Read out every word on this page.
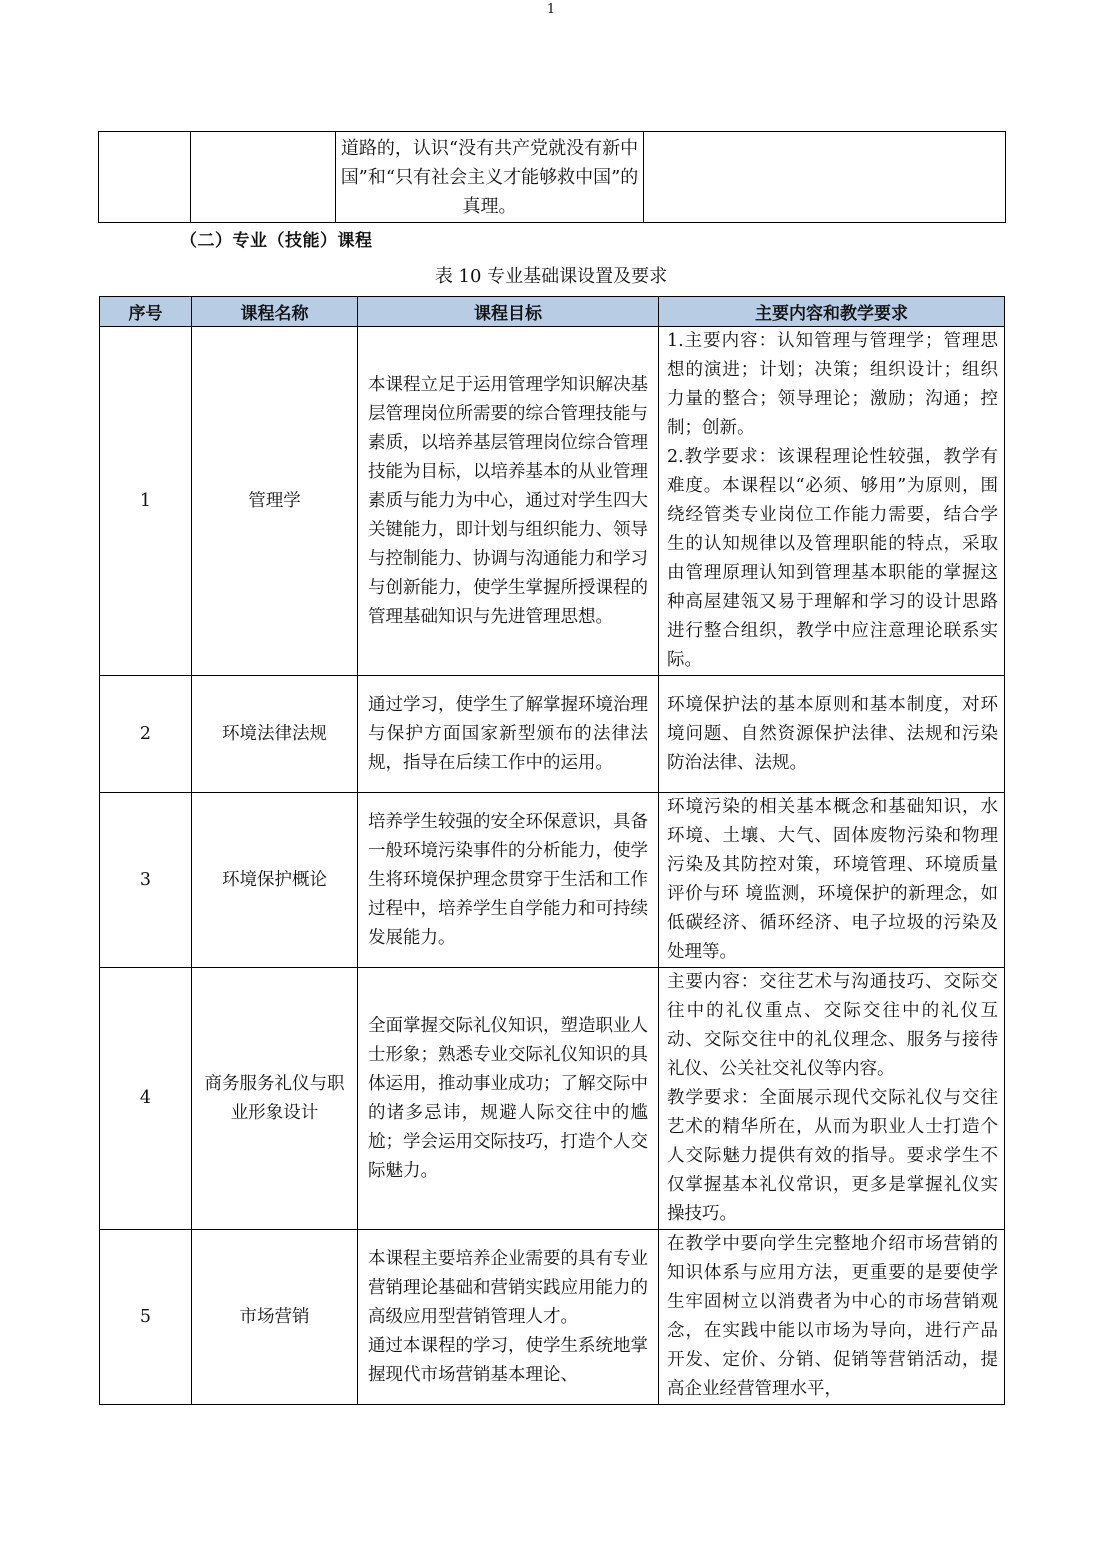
1
		道路的，认识“没有共产党就没有新中国”和“只有社会主义才能够救中国”的真理。	
（二）专业（技能）课程
表 10 专业基础课设置及要求
序号	课程名称	课程目标	主要内容和教学要求
1	管理学	本课程立足于运用管理学知识解决基层管理岗位所需要的综合管理技能与素质，以培养基层管理岗位综合管理技能为目标，以培养基本的从业管理素质与能力为中心，通过对学生四大关键能力，即计划与组织能力、领导与控制能力、协调与沟通能力和学习与创新能力，使学生掌握所授课程的管理基础知识与先进管理思想。	1.主要内容：认知管理与管理学；管理思想的演进；计划；决策；组织设计；组织力量的整合；领导理论；激励；沟通；控制；创新。
2.教学要求：该课程理论性较强，教学有难度。本课程以“必须、够用”为原则，围绕经管类专业岗位工作能力需要，结合学生的认知规律以及管理职能的特点，采取由管理原理认知到管理基本职能的掌握这种高屋建瓴又易于理解和学习的设计思路进行整合组织，教学中应注意理论联系实际。
2	环境法律法规	通过学习，使学生了解掌握环境治理与保护方面国家新型颁布的法律法规，指导在后续工作中的运用。	环境保护法的基本原则和基本制度，对环境问题、自然资源保护法律、法规和污染防治法律、法规。
3	环境保护概论	培养学生较强的安全环保意识，具备一般环境污染事件的分析能力，使学生将环境保护理念贯穿于生活和工作过程中，培养学生自学能力和可持续发展能力。	环境污染的相关基本概念和基础知识，水环境、土壤、大气、固体废物污染和物理污染及其防控对策，环境管理、环境质量评价与环 境监测，环境保护的新理念，如低碳经济、循环经济、电子垃圾的污染及处理等。
4	商务服务礼仪与职业形象设计	全面掌握交际礼仪知识，塑造职业人士形象；熟悉专业交际礼仪知识的具体运用，推动事业成功；了解交际中的诸多忌讳，规避人际交往中的尴尬；学会运用交际技巧，打造个人交际魅力。	主要内容：交往艺术与沟通技巧、交际交往中的礼仪重点、交际交往中的礼仪互动、交际交往中的礼仪理念、服务与接待礼仪、公关社交礼仪等内容。
教学要求：全面展示现代交际礼仪与交往艺术的精华所在，从而为职业人士打造个人交际魅力提供有效的指导。要求学生不仅掌握基本礼仪常识，更多是掌握礼仪实操技巧。
5	市场营销	本课程主要培养企业需要的具有专业营销理论基础和营销实践应用能力的高级应用型营销管理人才。
通过本课程的学习，使学生系统地掌握现代市场营销基本理论、	在教学中要向学生完整地介绍市场营销的知识体系与应用方法，更重要的是要使学生牢固树立以消费者为中心的市场营销观念，在实践中能以市场为导向，进行产品开发、定价、分销、促销等营销活动，提高企业经营管理水平，
